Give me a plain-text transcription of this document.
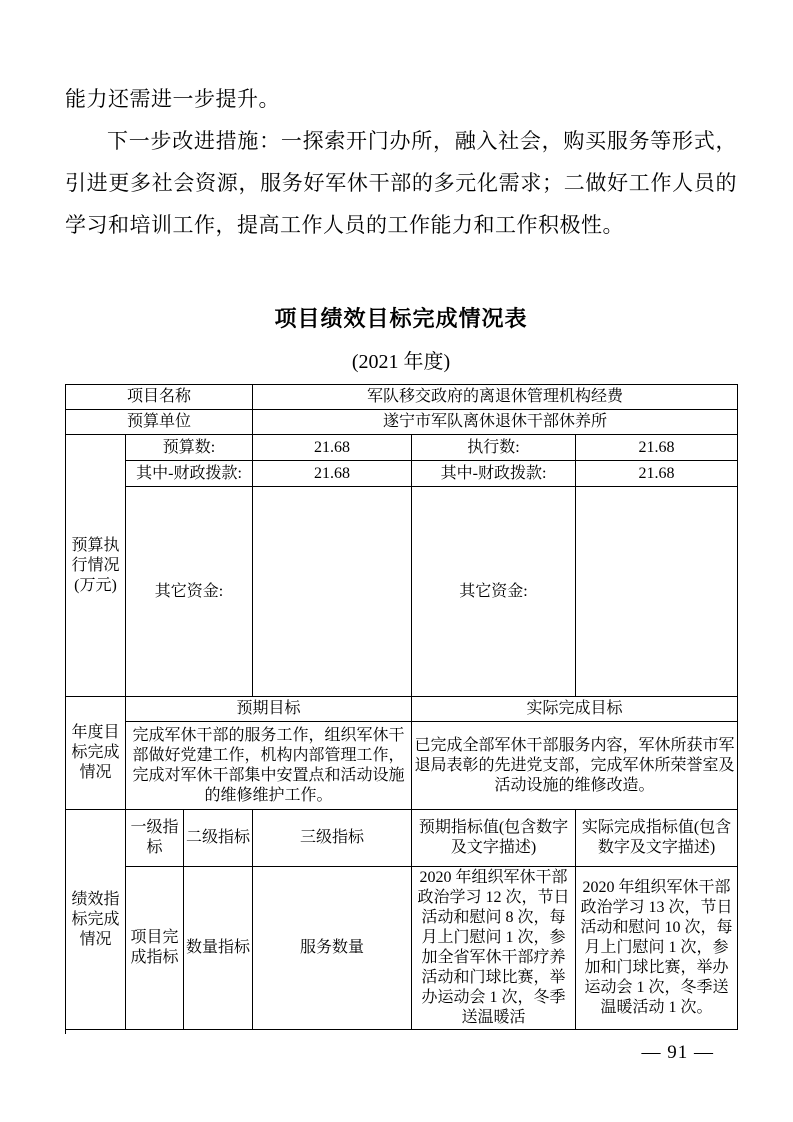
能力还需进一步提升。

下一步改进措施：一探索开门办所，融入社会，购买服务等形式，引进更多社会资源，服务好军休干部的多元化需求；二做好工作人员的学习和培训工作，提高工作人员的工作能力和工作积极性。

项目绩效目标完成情况表
(2021 年度)
项目名称			军队移交政府的离退休管理机构经费		
预算单位			遂宁市军队离休退休干部休养所		
预算执行情况(万元)	预算数:		21.68	执行数:	21.68
	其中-财政拨款:		21.68	其中-财政拨款:	21.68
	其它资金:			其它资金:	
年度目标完成情况	预期目标			实际完成目标	
	完成军休干部的服务工作，组织军休干部做好党建工作，机构内部管理工作，完成对军休干部集中安置点和活动设施的维修维护工作。			已完成全部军休干部服务内容，军休所获市军退局表彰的先进党支部，完成军休所荣誉室及活动设施的维修改造。	
绩效指标完成情况	一级指标	二级指标	三级指标	预期指标值(包含数字及文字描述)	实际完成指标值(包含数字及文字描述)
	项目完成指标	数量指标	服务数量	2020 年组织军休干部政治学习 12 次，节日活动和慰问 8 次，每月上门慰问 1 次，参加全省军休干部疗养活动和门球比赛，举办运动会 1 次，冬季送温暖活	2020 年组织军休干部政治学习 13 次，节日活动和慰问 10 次，每月上门慰问 1 次，参加和门球比赛，举办运动会 1 次，冬季送温暖活动 1 次。
— 91 —
